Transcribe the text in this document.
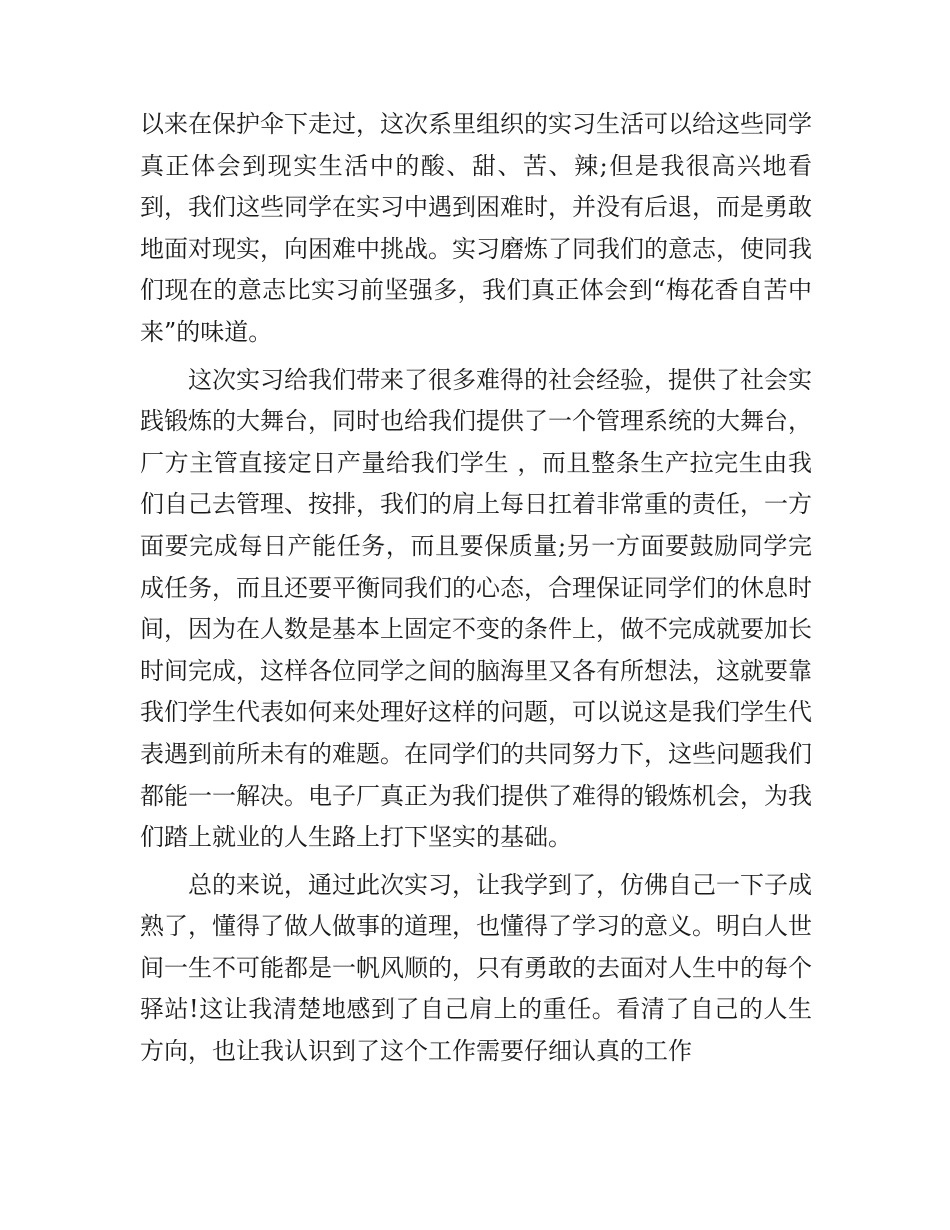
以来在保护伞下走过，这次系里组织的实习生活可以给这些同学真正体会到现实生活中的酸、甜、苦、辣;但是我很高兴地看到，我们这些同学在实习中遇到困难时，并没有后退，而是勇敢地面对现实，向困难中挑战。实习磨炼了同我们的意志，使同我们现在的意志比实习前坚强多，我们真正体会到“梅花香自苦中来”的味道。

这次实习给我们带来了很多难得的社会经验，提供了社会实践锻炼的大舞台，同时也给我们提供了一个管理系统的大舞台，厂方主管直接定日产量给我们学生 ，而且整条生产拉完生由我们自己去管理、按排，我们的肩上每日扛着非常重的责任，一方面要完成每日产能任务，而且要保质量;另一方面要鼓励同学完成任务，而且还要平衡同我们的心态，合理保证同学们的休息时间，因为在人数是基本上固定不变的条件上，做不完成就要加长时间完成，这样各位同学之间的脑海里又各有所想法，这就要靠我们学生代表如何来处理好这样的问题，可以说这是我们学生代表遇到前所未有的难题。在同学们的共同努力下，这些问题我们都能一一解决。电子厂真正为我们提供了难得的锻炼机会，为我们踏上就业的人生路上打下坚实的基础。

总的来说，通过此次实习，让我学到了，仿佛自己一下子成熟了，懂得了做人做事的道理，也懂得了学习的意义。明白人世间一生不可能都是一帆风顺的，只有勇敢的去面对人生中的每个驿站!这让我清楚地感到了自己肩上的重任。看清了自己的人生方向，也让我认识到了这个工作需要仔细认真的工作
